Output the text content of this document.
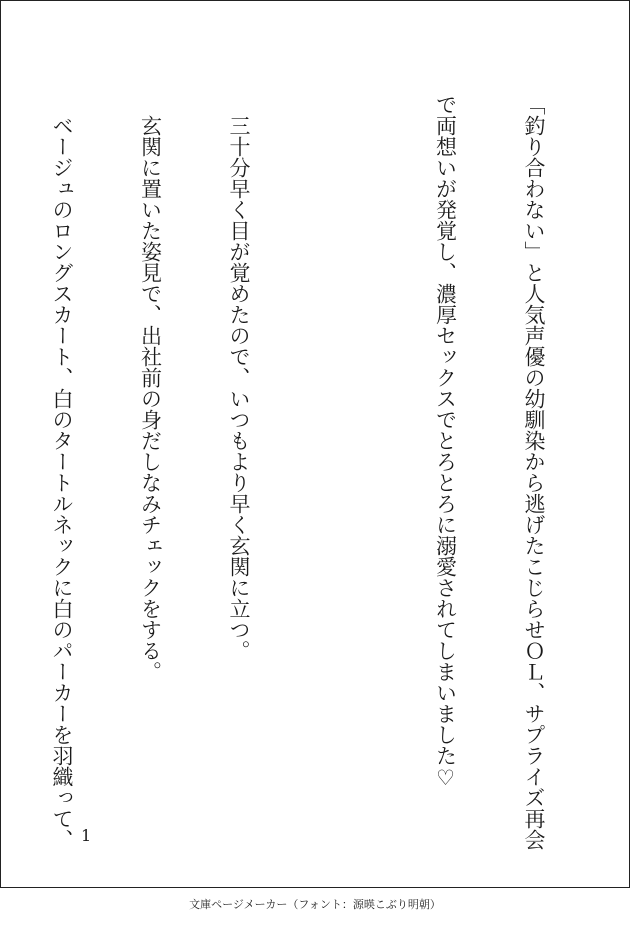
「釣り合わない」と人気声優の幼馴染から逃げたこじらせＯＬ、サプライズ再会

で両想いが発覚し、濃厚セックスでとろとろに溺愛されてしまいました♡

　三十分早く目が覚めたので、いつもより早く玄関に立つ。

　玄関に置いた姿見で、出社前の身だしなみチェックをする。

　ベージュのロングスカート、白のタートルネックに白のパーカーを羽織って、

1
文庫ページメーカー（フォント：源暎こぶり明朝）
